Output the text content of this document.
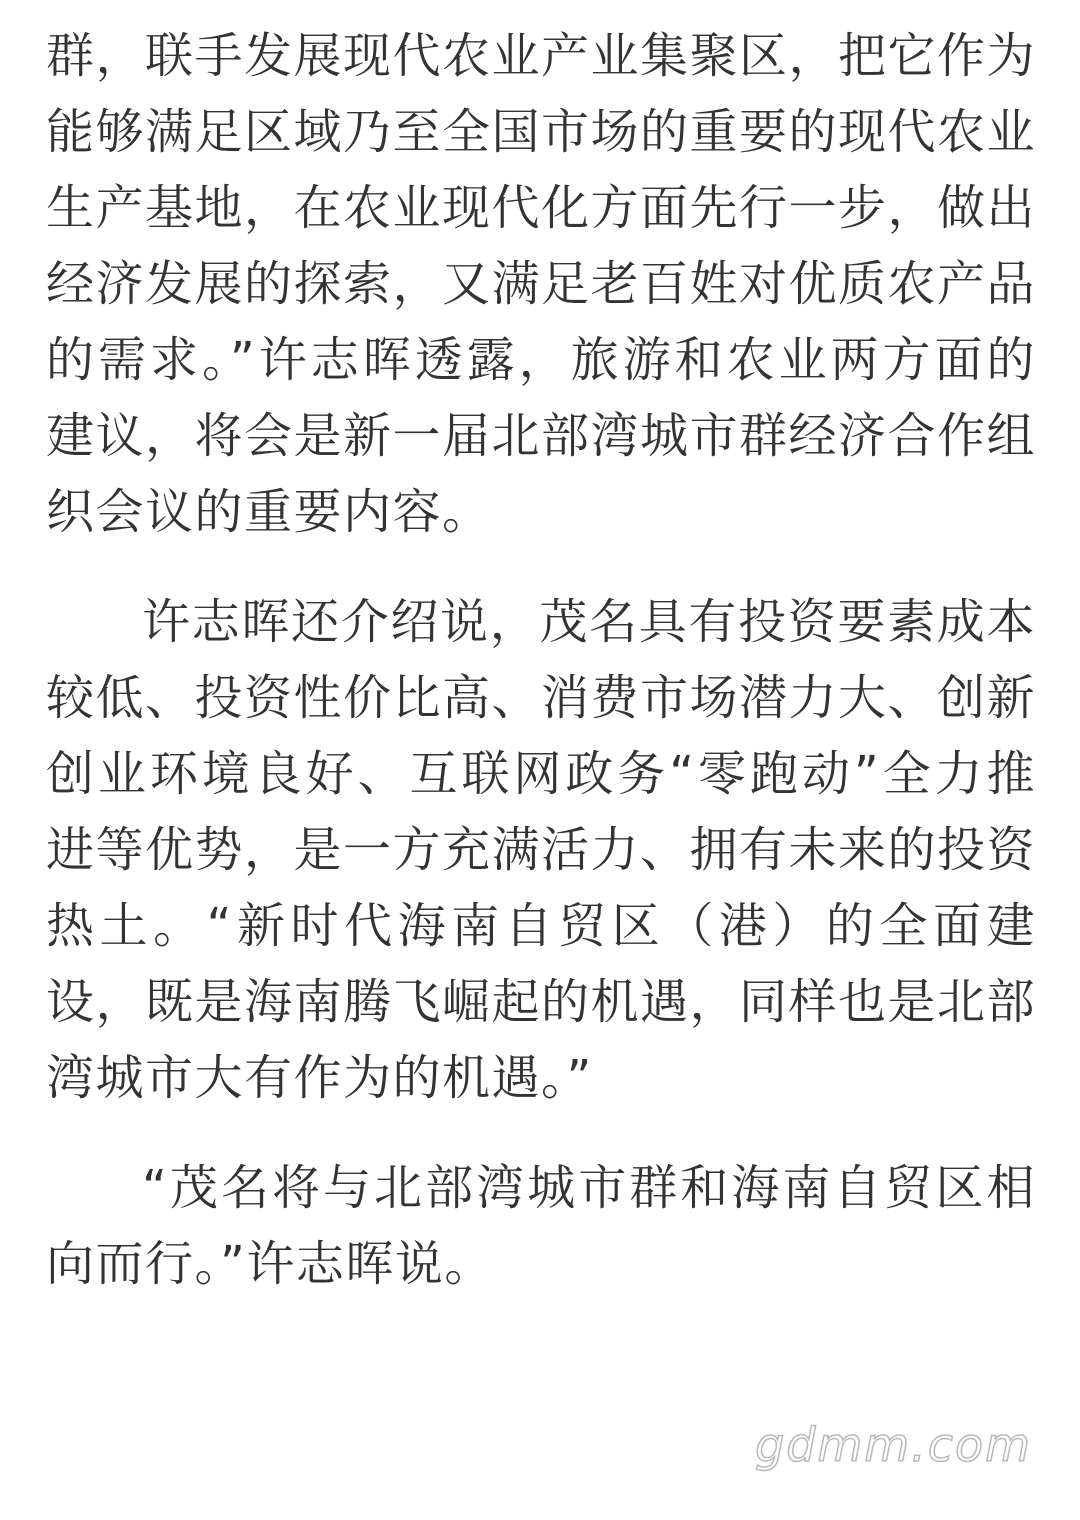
群，联手发展现代农业产业集聚区，把它作为能够满足区域乃至全国市场的重要的现代农业生产基地，在农业现代化方面先行一步，做出经济发展的探索，又满足老百姓对优质农产品的需求。”许志晖透露，旅游和农业两方面的建议，将会是新一届北部湾城市群经济合作组织会议的重要内容。

许志晖还介绍说，茂名具有投资要素成本较低、投资性价比高、消费市场潜力大、创新创业环境良好、互联网政务“零跑动”全力推进等优势，是一方充满活力、拥有未来的投资热土。“新时代海南自贸区（港）的全面建设，既是海南腾飞崛起的机遇，同样也是北部湾城市大有作为的机遇。”

“茂名将与北部湾城市群和海南自贸区相向而行。”许志晖说。

gdmm.com
